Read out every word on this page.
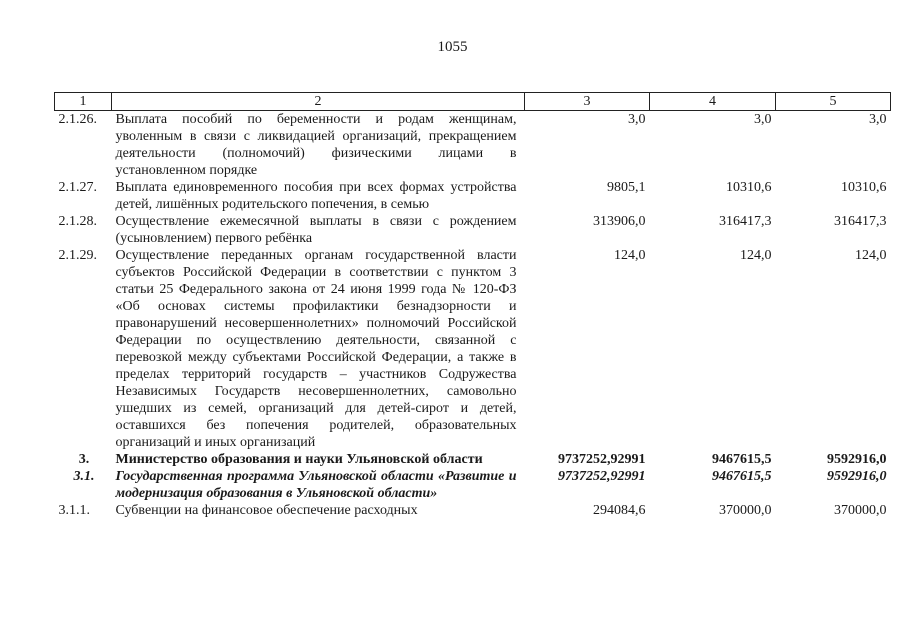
1055
1	2	3	4	5
2.1.26.	Выплата пособий по беременности и родам женщинам, уволенным в связи с ликвидацией организаций, прекращением деятельности (полномочий) физическими лицами в установленном порядке	3,0	3,0	3,0
2.1.27.	Выплата единовременного пособия при всех формах устройства детей, лишённых родительского попечения, в семью	9805,1	10310,6	10310,6
2.1.28.	Осуществление ежемесячной выплаты в связи с рождением (усыновлением) первого ребёнка	313906,0	316417,3	316417,3
2.1.29.	Осуществление переданных органам государственной власти субъектов Российской Федерации в соответствии с пунктом 3 статьи 25 Федерального закона от 24 июня 1999 года № 120-ФЗ «Об основах системы профилактики безнадзорности и правонарушений несовершеннолетних» полномочий Российской Федерации по осуществлению деятельности, связанной с перевозкой между субъектами Российской Федерации, а также в пределах территорий государств – участников Содружества Независимых Государств несовершеннолетних, самовольно ушедших из семей, организаций для детей-сирот и детей, оставшихся без попечения родителей, образовательных организаций и иных организаций	124,0	124,0	124,0
3.	Министерство образования и науки Ульяновской области	9737252,92991	9467615,5	9592916,0
3.1.	Государственная программа Ульяновской области «Развитие и модернизация образования в Ульяновской области»	9737252,92991	9467615,5	9592916,0
3.1.1.	Субвенции на финансовое обеспечение расходных	294084,6	370000,0	370000,0
